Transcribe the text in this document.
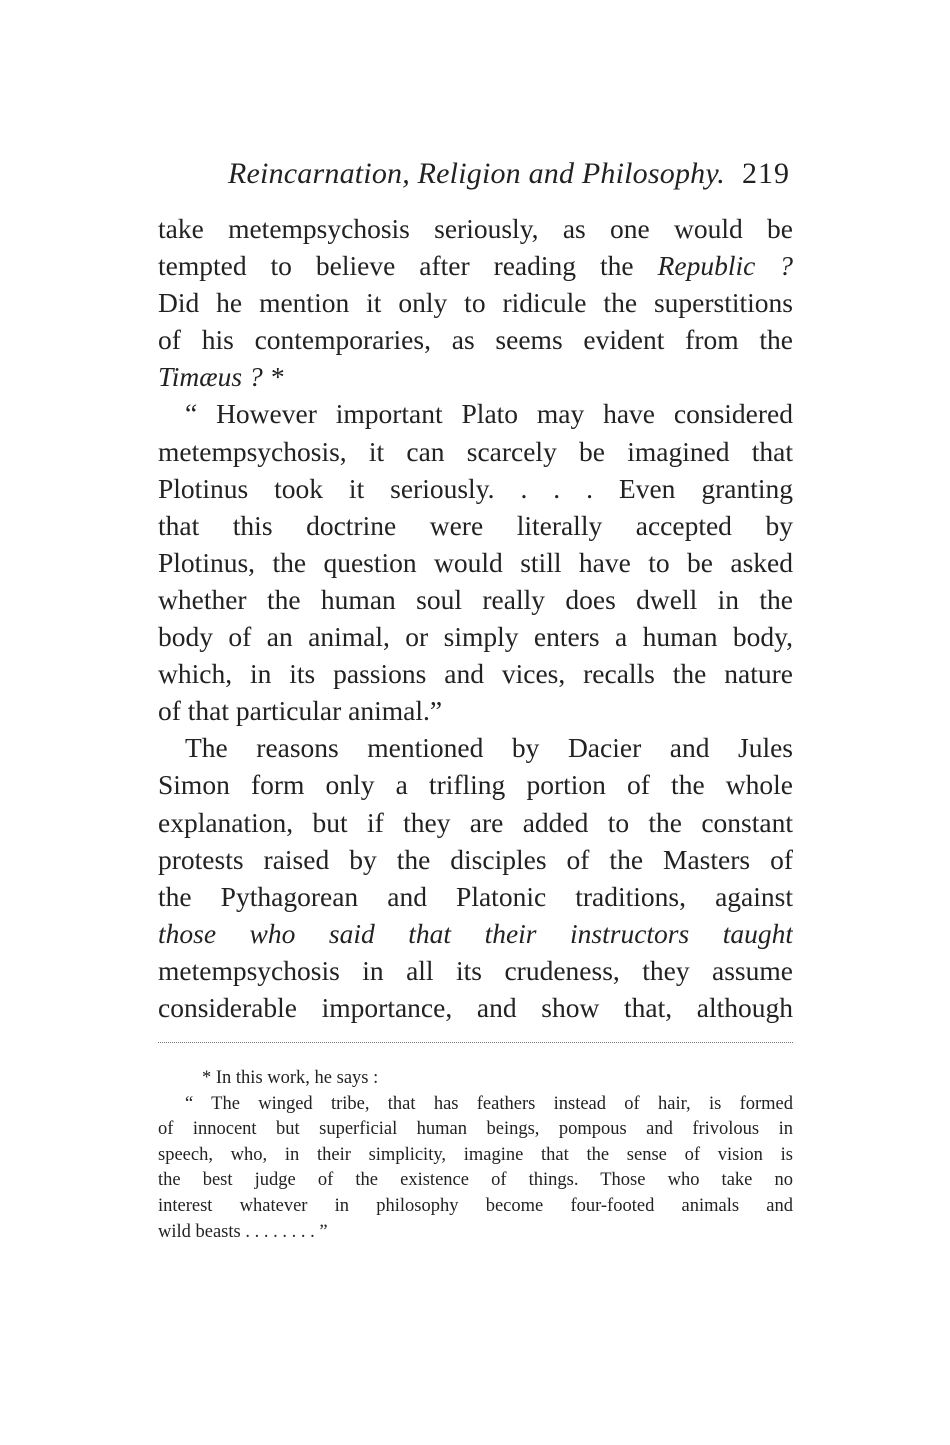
Reincarnation, Religion and Philosophy. 219
take metempsychosis seriously, as one would be
tempted to believe after reading the Republic ?
Did he mention it only to ridicule the superstitions
of his contemporaries, as seems evident from the
Timæus ? *
“ However important Plato may have considered
metempsychosis, it can scarcely be imagined that
Plotinus took it seriously. . . . Even granting
that this doctrine were literally accepted by
Plotinus, the question would still have to be asked
whether the human soul really does dwell in the
body of an animal, or simply enters a human body,
which, in its passions and vices, recalls the nature
of that particular animal.”
The reasons mentioned by Dacier and Jules
Simon form only a trifling portion of the whole
explanation, but if they are added to the constant
protests raised by the disciples of the Masters of
the Pythagorean and Platonic traditions, against
those who said that their instructors taught
metempsychosis in all its crudeness, they assume
considerable importance, and show that, although
* In this work, he says :
“ The winged tribe, that has feathers instead of hair, is formed
of innocent but superficial human beings, pompous and frivolous in
speech, who, in their simplicity, imagine that the sense of vision is
the best judge of the existence of things. Those who take no
interest whatever in philosophy become four-footed animals and
wild beasts . . . . . . . . ”
